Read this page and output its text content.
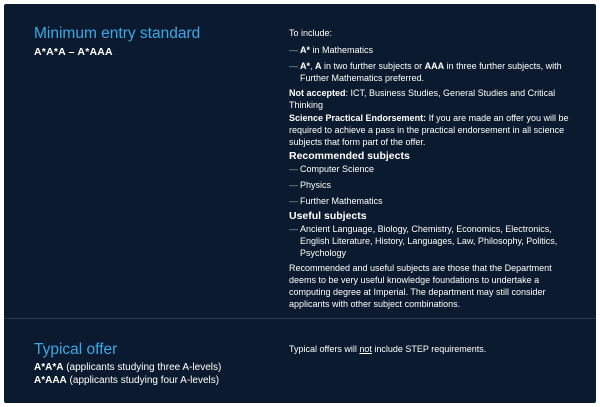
Minimum entry standard
A*A*A – A*AAA

To include:

— A* in Mathematics
— A*, A in two further subjects or AAA in three further subjects, with Further Mathematics preferred.

Not accepted: ICT, Business Studies, General Studies and Critical Thinking

Science Practical Endorsement: If you are made an offer you will be required to achieve a pass in the practical endorsement in all science subjects that form part of the offer.

Recommended subjects
— Computer Science
— Physics
— Further Mathematics
Useful subjects
— Ancient Language, Biology, Chemistry, Economics, Electronics, English Literature, History, Languages, Law, Philosophy, Politics, Psychology

Recommended and useful subjects are those that the Department deems to be very useful knowledge foundations to undertake a computing degree at Imperial. The department may still consider applicants with other subject combinations.

Typical offer
A*A*A (applicants studying three A-levels)
A*AAA (applicants studying four A-levels)

Typical offers will not include STEP requirements.
